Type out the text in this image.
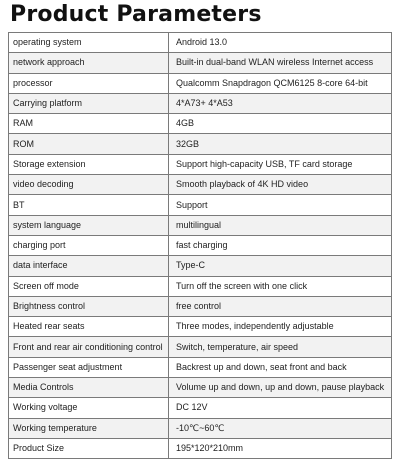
Product Parameters
operating system	Android 13.0
network approach	Built-in dual-band WLAN wireless Internet access
processor	Qualcomm Snapdragon QCM6125 8-core 64-bit
Carrying platform	4*A73+ 4*A53
RAM	4GB
ROM	32GB
Storage extension	Support high-capacity USB, TF card storage
video decoding	Smooth playback of 4K HD video
BT	Support
system language	multilingual
charging port	fast charging
data interface	Type-C
Screen off mode	Turn off the screen with one click
Brightness control	free control
Heated rear seats	Three modes, independently adjustable
Front and rear air conditioning control	Switch, temperature, air speed
Passenger seat adjustment	Backrest up and down, seat front and back
Media Controls	Volume up and down, up and down, pause playback
Working voltage	DC 12V
Working temperature	-10℃~60℃
Product Size	195*120*210mm
